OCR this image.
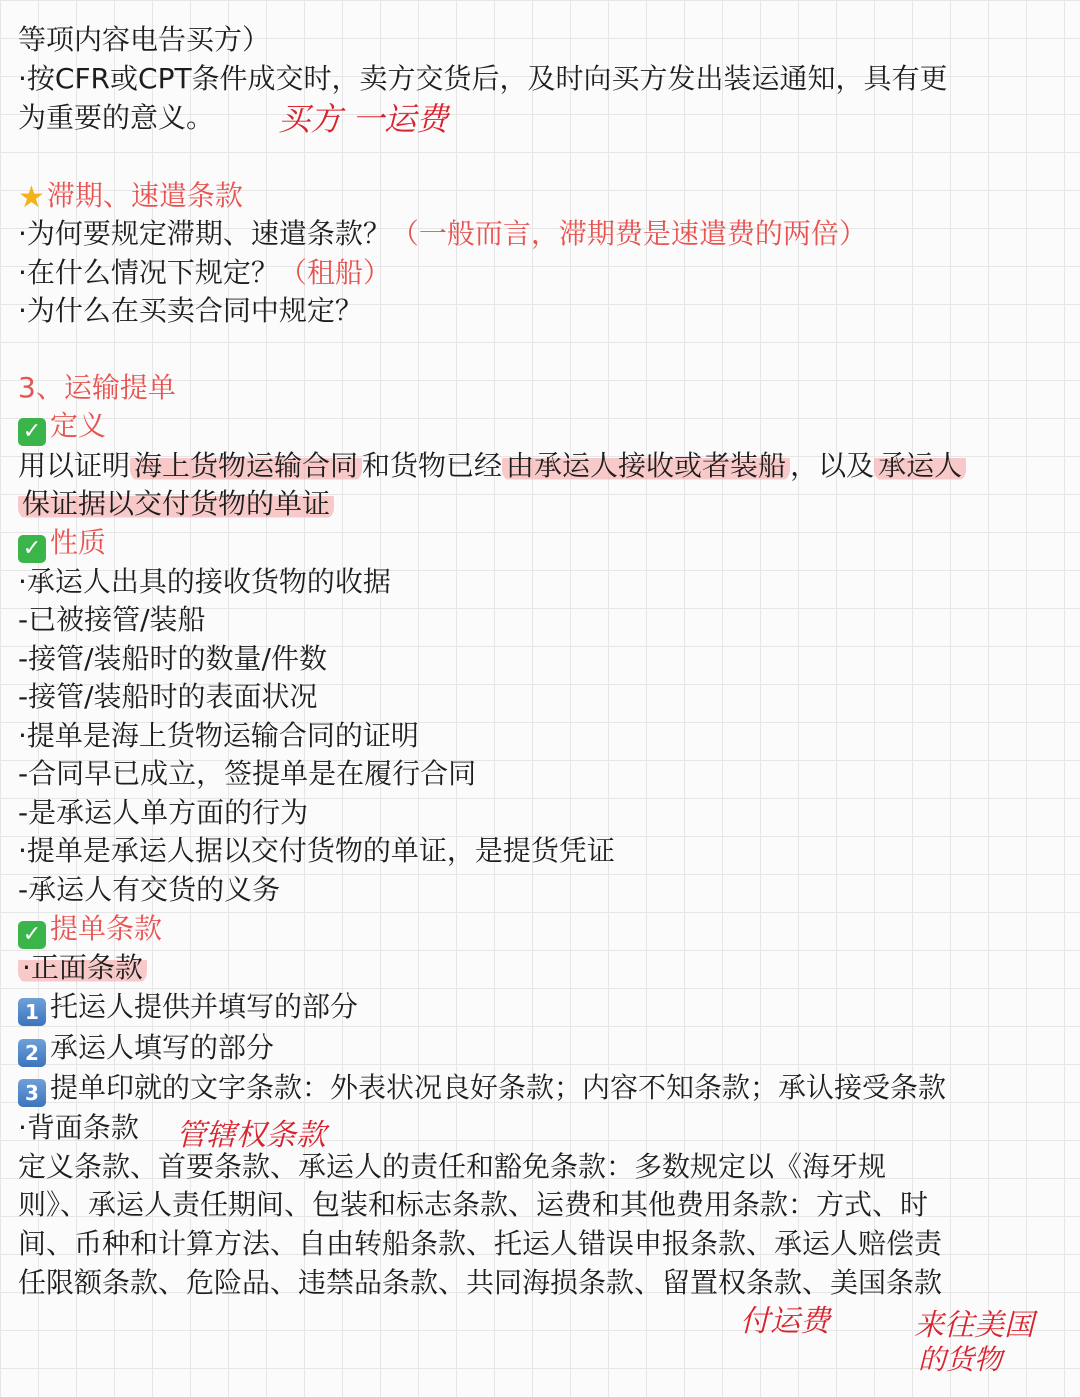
等项内容电告买方）
·按CFR或CPT条件成交时，卖方交货后，及时向买方发出装运通知，具有更
为重要的意义。
★滞期、速遣条款
·为何要规定滞期、速遣条款？（一般而言，滞期费是速遣费的两倍）
·在什么情况下规定？（租船）
·为什么在买卖合同中规定？
3、运输提单
✓ 定义
用以证明 海上货物运输合同 和货物已经 由承运人接收或者装船 ，以及 承运人
保证据以交付货物的单证
✓ 性质
·承运人出具的接收货物的收据
-已被接管/装船
-接管/装船时的数量/件数
-接管/装船时的表面状况
·提单是海上货物运输合同的证明
-合同早已成立，签提单是在履行合同
-是承运人单方面的行为
·提单是承运人据以交付货物的单证，是提货凭证
-承运人有交货的义务
✓ 提单条款
·正面条款
1 托运人提供并填写的部分
2 承运人填写的部分
3 提单印就的文字条款：外表状况良好条款；内容不知条款；承认接受条款
·背面条款
定义条款、首要条款、承运人的责任和豁免条款：多数规定以《海牙规
则》、承运人责任期间、包装和标志条款、运费和其他费用条款：方式、时
间、币种和计算方法、自由转船条款、托运人错误申报条款、承运人赔偿责
任限额条款、危险品、违禁品条款、共同海损条款、留置权条款、美国条款
买方 一运费
管辖权条款
付运费	来往美国
的货物
